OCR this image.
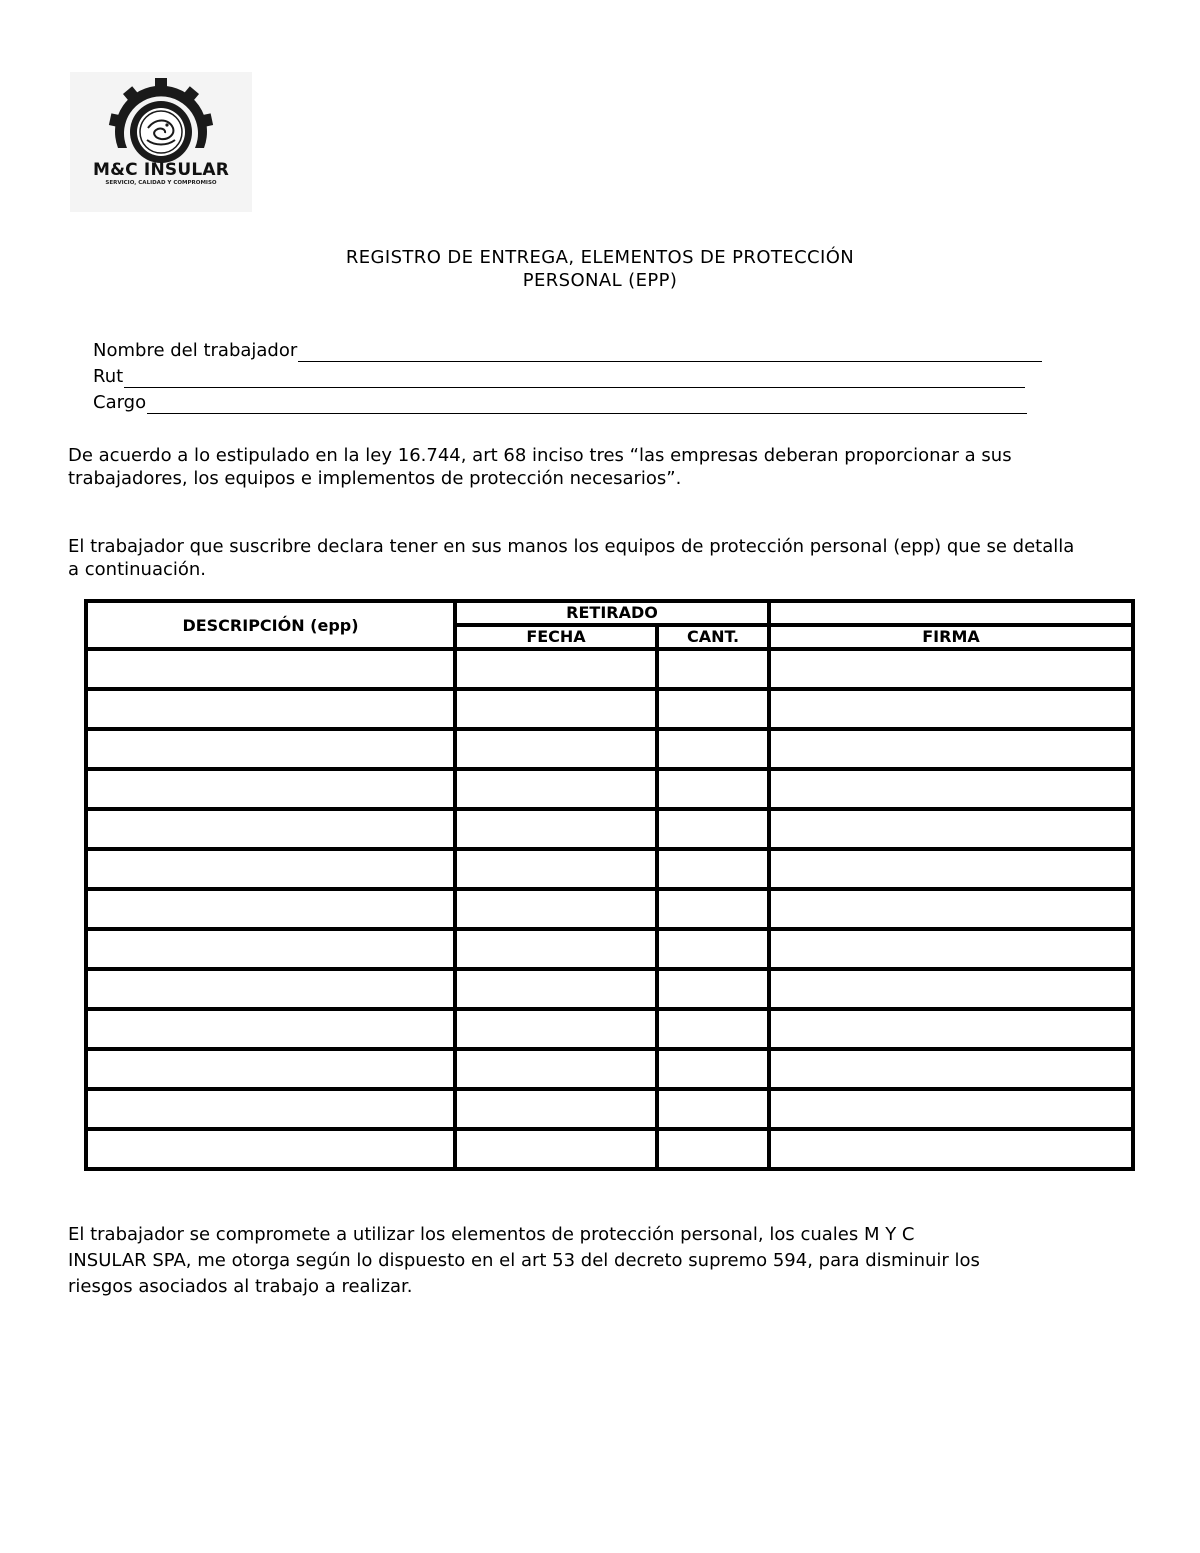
M&C INSULAR
SERVICIO, CALIDAD Y COMPROMISO
REGISTRO DE ENTREGA, ELEMENTOS DE PROTECCIÓN
PERSONAL (EPP)
Nombre del trabajador
Rut
Cargo

De acuerdo a lo estipulado en la ley 16.744, art 68 inciso tres “las empresas deberan proporcionar a sus
trabajadores, los equipos e implementos de protección necesarios”.

El trabajador que suscribre declara tener en sus manos los equipos de protección personal (epp) que se detalla
a continuación.

DESCRIPCIÓN (epp)	RETIRADO		
	FECHA	CANT.	FIRMA

El trabajador se compromete a utilizar los elementos de protección personal, los cuales M Y C
INSULAR SPA, me otorga según lo dispuesto en el art 53 del decreto supremo 594, para disminuir los
riesgos asociados al trabajo a realizar.
